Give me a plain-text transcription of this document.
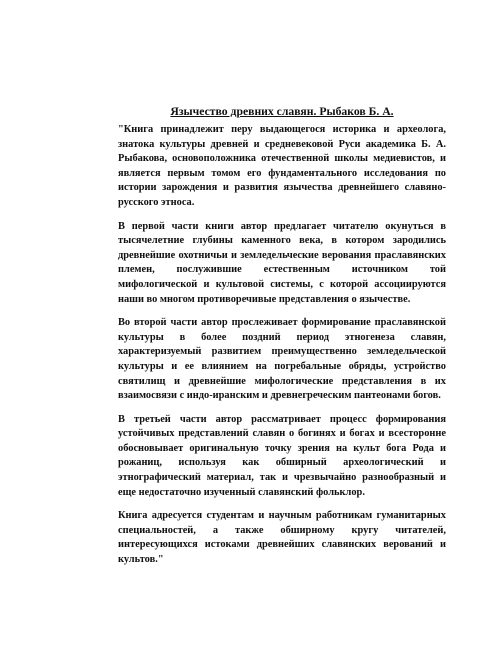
Язычество древних славян. Рыбаков Б. А.

"Книга принадлежит перу выдающегося историка и археолога, знатока культуры древней и средневековой Руси академика Б. А. Рыбакова, основоположника отечественной школы медиевистов, и является первым томом его фундаментального исследования по истории зарождения и развития язычества древнейшего славяно-русского этноса.

В первой части книги автор предлагает читателю окунуться в тысячелетние глубины каменного века, в котором зародились древнейшие охотничьи и земледельческие верования праславянских племен, послужившие естественным источником той мифологической и культовой системы, с которой ассоциируются наши во многом противоречивые представления о язычестве.

Во второй части автор прослеживает формирование праславянской культуры в более поздний период этногенеза славян, характеризуемый развитием преимущественно земледельческой культуры и ее влиянием на погребальные обряды, устройство святилищ и древнейшие мифологические представления в их взаимосвязи с индо-иранским и древнегреческим пантеонами богов.

В третьей части автор рассматривает процесс формирования устойчивых представлений славян о богинях и богах и всесторонне обосновывает оригинальную точку зрения на культ бога Рода и рожаниц, используя как обширный археологический и этнографический материал, так и чрезвычайно разнообразный и еще недостаточно изученный славянский фольклор.

Книга адресуется студентам и научным работникам гуманитарных специальностей, а также обширному кругу читателей, интересующихся истоками древнейших славянских верований и культов."
